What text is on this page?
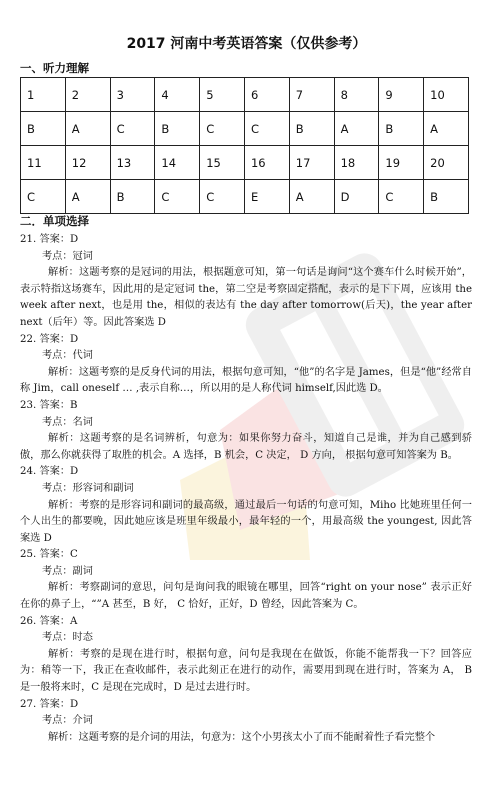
2017 河南中考英语答案（仅供参考）
一、听力理解
1	2	3	4	5	6	7	8	9	10
B	A	C	B	C	C	B	A	B	A
11	12	13	14	15	16	17	18	19	20
C	A	B	C	C	E	A	D	C	B
二．单项选择

21. 答案：D

考点：冠词

解析：这题考察的是冠词的用法，根据题意可知，第一句话是询问“这个赛车什么时候开始”，表示特指这场赛车，因此用的是定冠词 the，第二空是考察固定搭配，表示的是下下周，应该用 the week after next，也是用 the，相似的表达有 the day after tomorrow(后天)，the year after next（后年）等。因此答案选 D

22. 答案：D

考点：代词

解析：这题考察的是反身代词的用法，根据句意可知，“他”的名字是 James，但是“他”经常自称 Jim，call oneself … ,表示自称…，所以用的是人称代词 himself,因此选 D。

23. 答案：B

考点：名词

解析：这题考察的是名词辨析，句意为：如果你努力奋斗，知道自己是谁，并为自己感到骄傲，那么你就获得了取胜的机会。A 选择，B 机会，C 决定， D 方向， 根据句意可知答案为 B。

24. 答案：D

考点：形容词和副词

解析：考察的是形容词和副词的最高级，通过最后一句话的句意可知，Miho 比她班里任何一个人出生的都要晚，因此她应该是班里年级最小，最年轻的一个，用最高级 the youngest, 因此答案选 D

25. 答案：C

考点：副词

解析：考察副词的意思，问句是询问我的眼镜在哪里，回答“right on your nose” 表示正好在你的鼻子上，“”A 甚至，B 好， C 恰好，正好，D 曾经，因此答案为 C。

26. 答案：A

考点：时态

解析：考察的是现在进行时，根据句意，问句是我现在在做饭，你能不能帮我一下？回答应为：稍等一下，我正在查收邮件，表示此刻正在进行的动作，需要用到现在进行时，答案为 A， B 是一般将来时，C 是现在完成时，D 是过去进行时。

27. 答案：D

考点：介词

解析：这题考察的是介词的用法，句意为：这个小男孩太小了而不能耐着性子看完整个
